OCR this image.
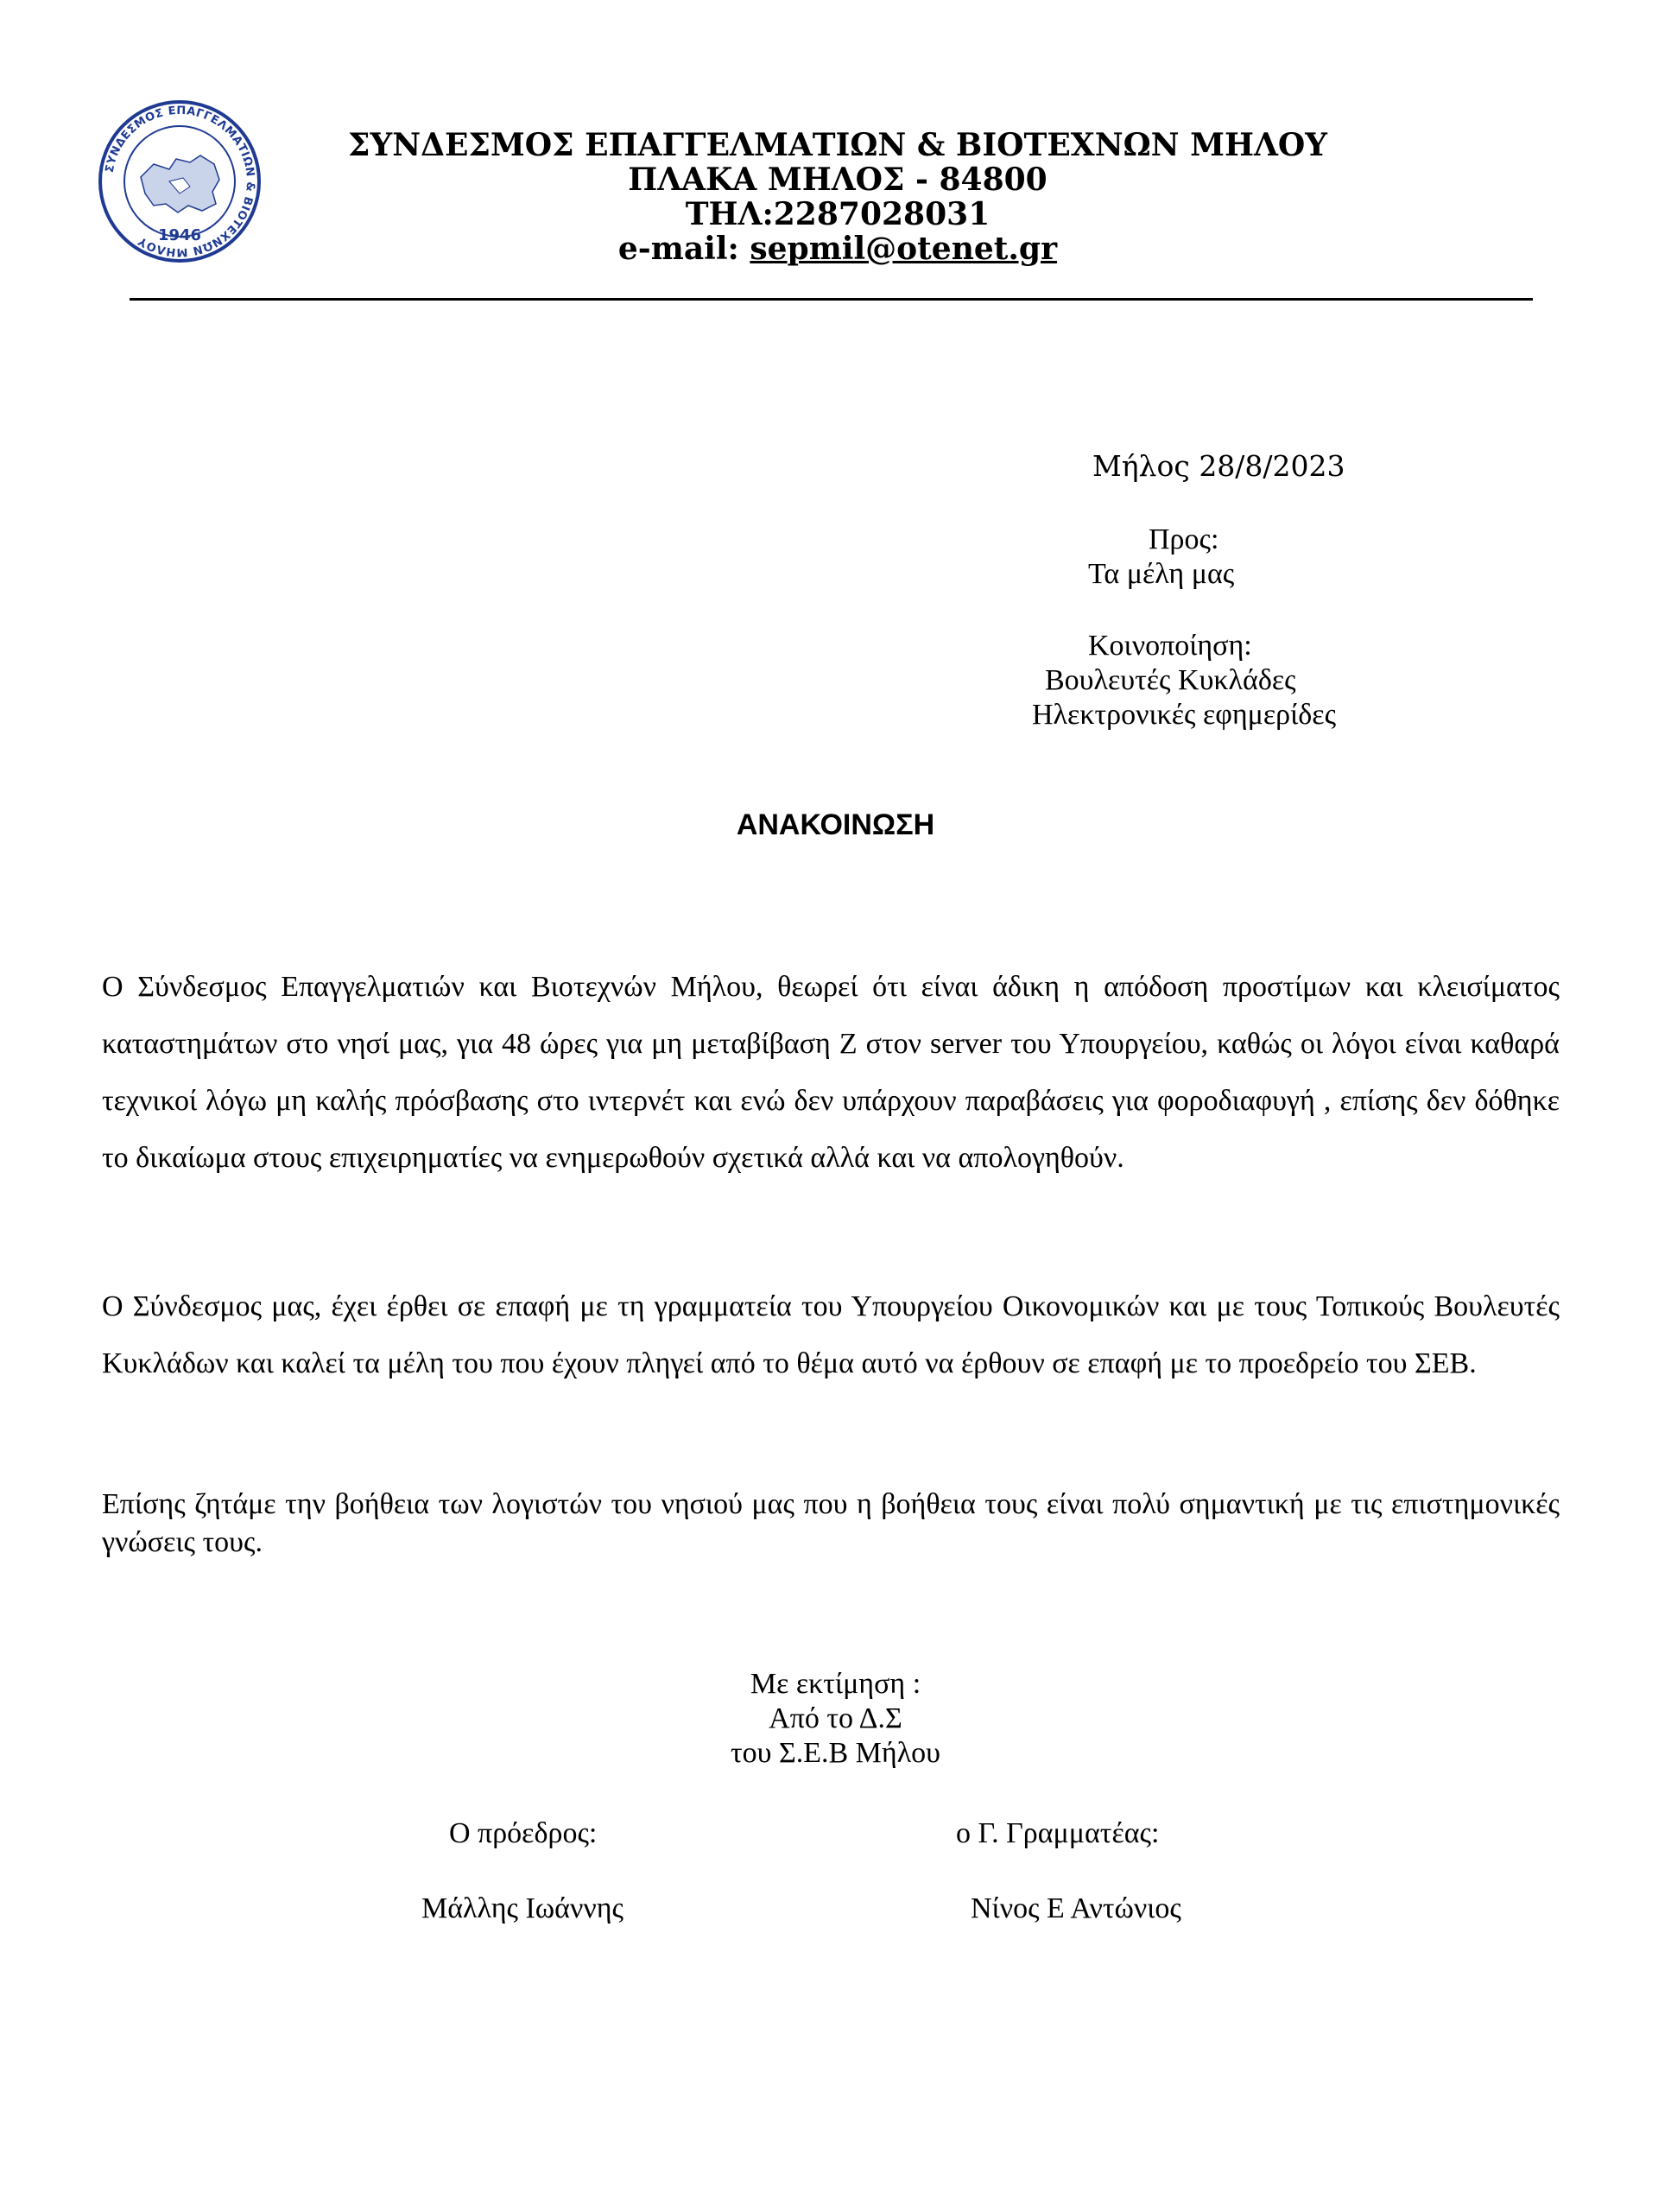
ΣΥΝΔΕΣΜΟΣ ΕΠΑΓΓΕΛΜΑΤΙΩΝ & ΒΙΟΤΕΧΝΩΝ ΜΗΛΟΥ 1946
ΣΥΝΔΕΣΜΟΣ ΕΠΑΓΓΕΛΜΑΤΙΩΝ & ΒΙΟΤΕΧΝΩΝ ΜΗΛΟΥ
ΠΛΑΚΑ ΜΗΛΟΣ - 84800
ΤΗΛ:2287028031
e-mail: sepmil@otenet.gr
Μήλος 28/8/2023
Προς:
Τα μέλη μας
Κοινοποίηση:
Βουλευτές Κυκλάδες
Ηλεκτρονικές εφημερίδες
ΑΝΑΚΟΙΝΩΣΗ
Ο Σύνδεσμος Επαγγελματιών και Βιοτεχνών Μήλου, θεωρεί ότι είναι άδικη η απόδοση προστίμων και κλεισίματος καταστημάτων στο νησί μας, για 48 ώρες για μη μεταβίβαση Ζ στον server του Υπουργείου, καθώς οι λόγοι είναι καθαρά τεχνικοί λόγω μη καλής πρόσβασης στο ιντερνέτ και ενώ δεν υπάρχουν παραβάσεις για φοροδιαφυγή , επίσης δεν δόθηκε το δικαίωμα στους επιχειρηματίες να ενημερωθούν σχετικά αλλά και να απολογηθούν.
Ο Σύνδεσμος μας, έχει έρθει σε επαφή με τη γραμματεία του Υπουργείου Οικονομικών και με τους Τοπικούς Βουλευτές Κυκλάδων και καλεί τα μέλη του που έχουν πληγεί από το θέμα αυτό να έρθουν σε επαφή με το προεδρείο του ΣΕΒ.
Επίσης ζητάμε την βοήθεια των λογιστών του νησιού μας που η βοήθεια τους είναι πολύ σημαντική με τις επιστημονικές γνώσεις τους.
Με εκτίμηση :
Από το Δ.Σ
του Σ.Ε.Β Μήλου
Ο πρόεδρος:	ο Γ. Γραμματέας:
Μάλλης Ιωάννης	Νίνος Ε Αντώνιος
